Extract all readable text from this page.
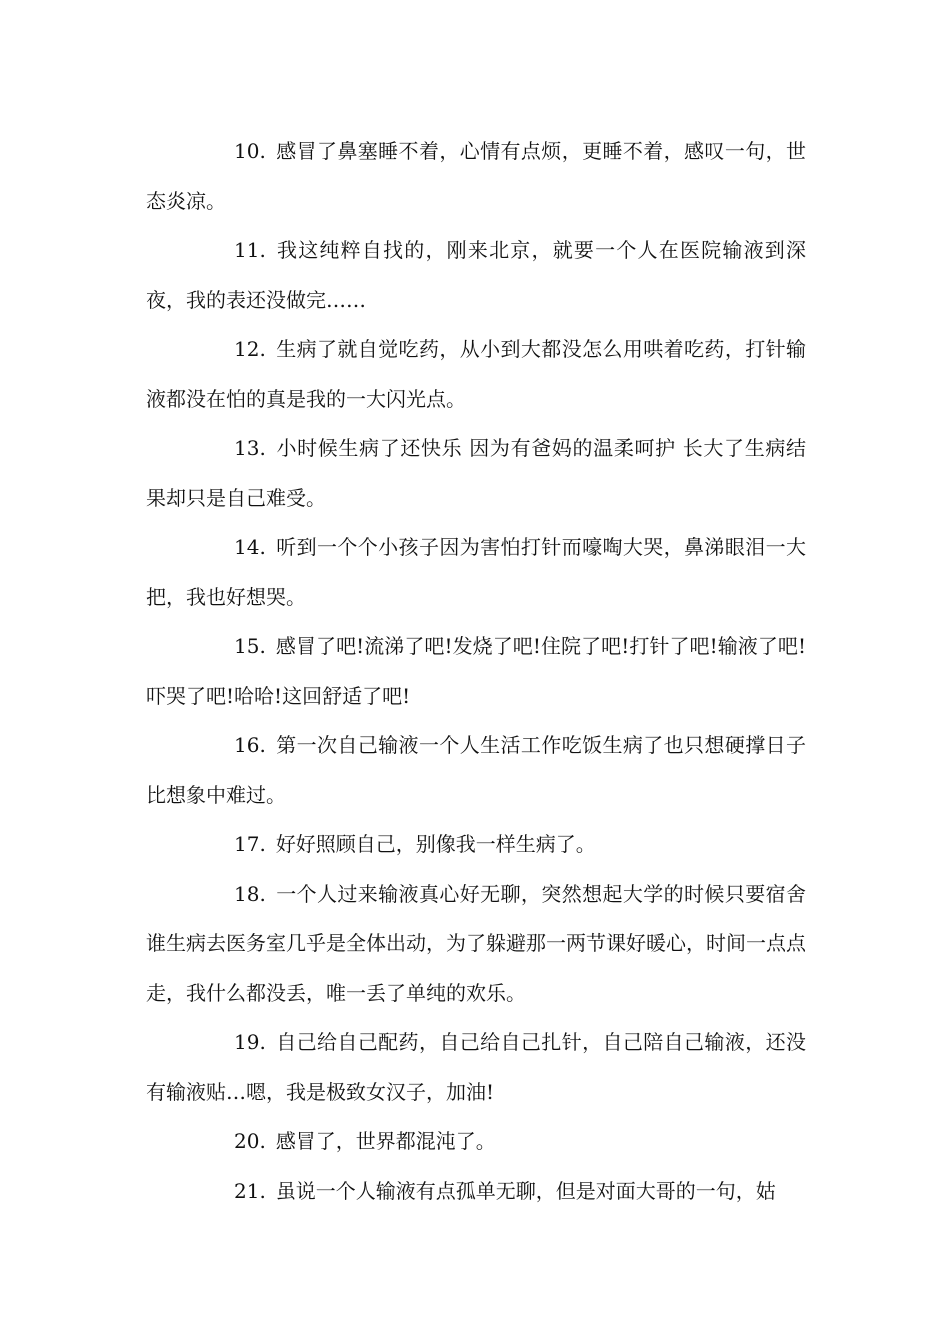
10. 感冒了鼻塞睡不着，心情有点烦，更睡不着，感叹一句，世态炎凉。

11. 我这纯粹自找的，刚来北京，就要一个人在医院输液到深夜，我的表还没做完……

12. 生病了就自觉吃药，从小到大都没怎么用哄着吃药，打针输液都没在怕的真是我的一大闪光点。

13. 小时候生病了还快乐 因为有爸妈的温柔呵护 长大了生病结果却只是自己难受。

14. 听到一个个小孩子因为害怕打针而嚎啕大哭，鼻涕眼泪一大把，我也好想哭。

15. 感冒了吧!流涕了吧!发烧了吧!住院了吧!打针了吧!输液了吧!吓哭了吧!哈哈!这回舒适了吧!

16. 第一次自己输液一个人生活工作吃饭生病了也只想硬撑日子比想象中难过。

17. 好好照顾自己，别像我一样生病了。

18. 一个人过来输液真心好无聊，突然想起大学的时候只要宿舍谁生病去医务室几乎是全体出动，为了躲避那一两节课好暖心，时间一点点走，我什么都没丢，唯一丢了单纯的欢乐。

19. 自己给自己配药，自己给自己扎针，自己陪自己输液，还没有输液贴…嗯，我是极致女汉子，加油!

20. 感冒了，世界都混沌了。

21. 虽说一个人输液有点孤单无聊，但是对面大哥的一句，姑
